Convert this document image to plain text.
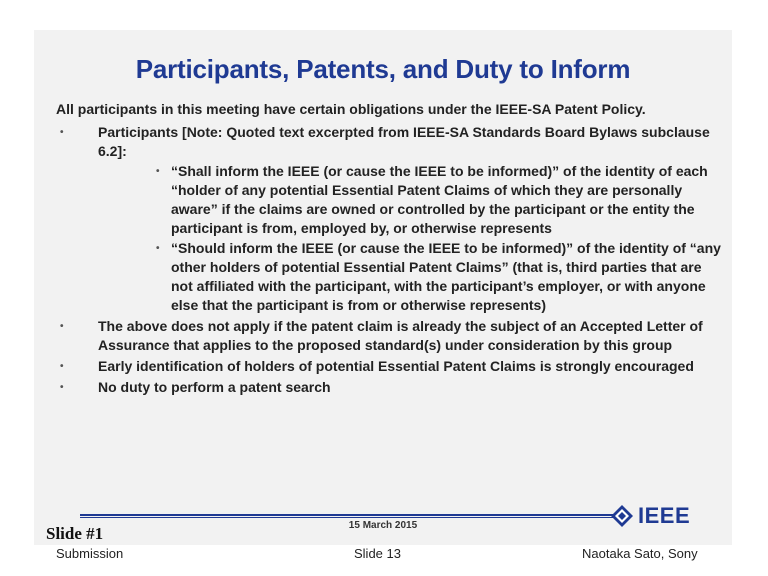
Participants, Patents, and Duty to Inform
All participants in this meeting have certain obligations under the IEEE-SA Patent Policy.
• Participants [Note: Quoted text excerpted from IEEE-SA Standards Board Bylaws subclause 6.2]:
• “Shall inform the IEEE (or cause the IEEE to be informed)” of the identity of each “holder of any potential Essential Patent Claims of which they are personally aware” if the claims are owned or controlled by the participant or the entity the participant is from, employed by, or otherwise represents
• “Should inform the IEEE (or cause the IEEE to be informed)” of the identity of “any other holders of potential Essential Patent Claims” (that is, third parties that are not affiliated with the participant, with the participant’s employer, or with anyone else that the participant is from or otherwise represents)
• The above does not apply if the patent claim is already the subject of an Accepted Letter of Assurance that applies to the proposed standard(s) under consideration by this group
• Early identification of holders of potential Essential Patent Claims is strongly encouraged
• No duty to perform a patent search
Slide #1	15 March 2015	IEEE
Submission	Slide 13	Naotaka Sato, Sony
